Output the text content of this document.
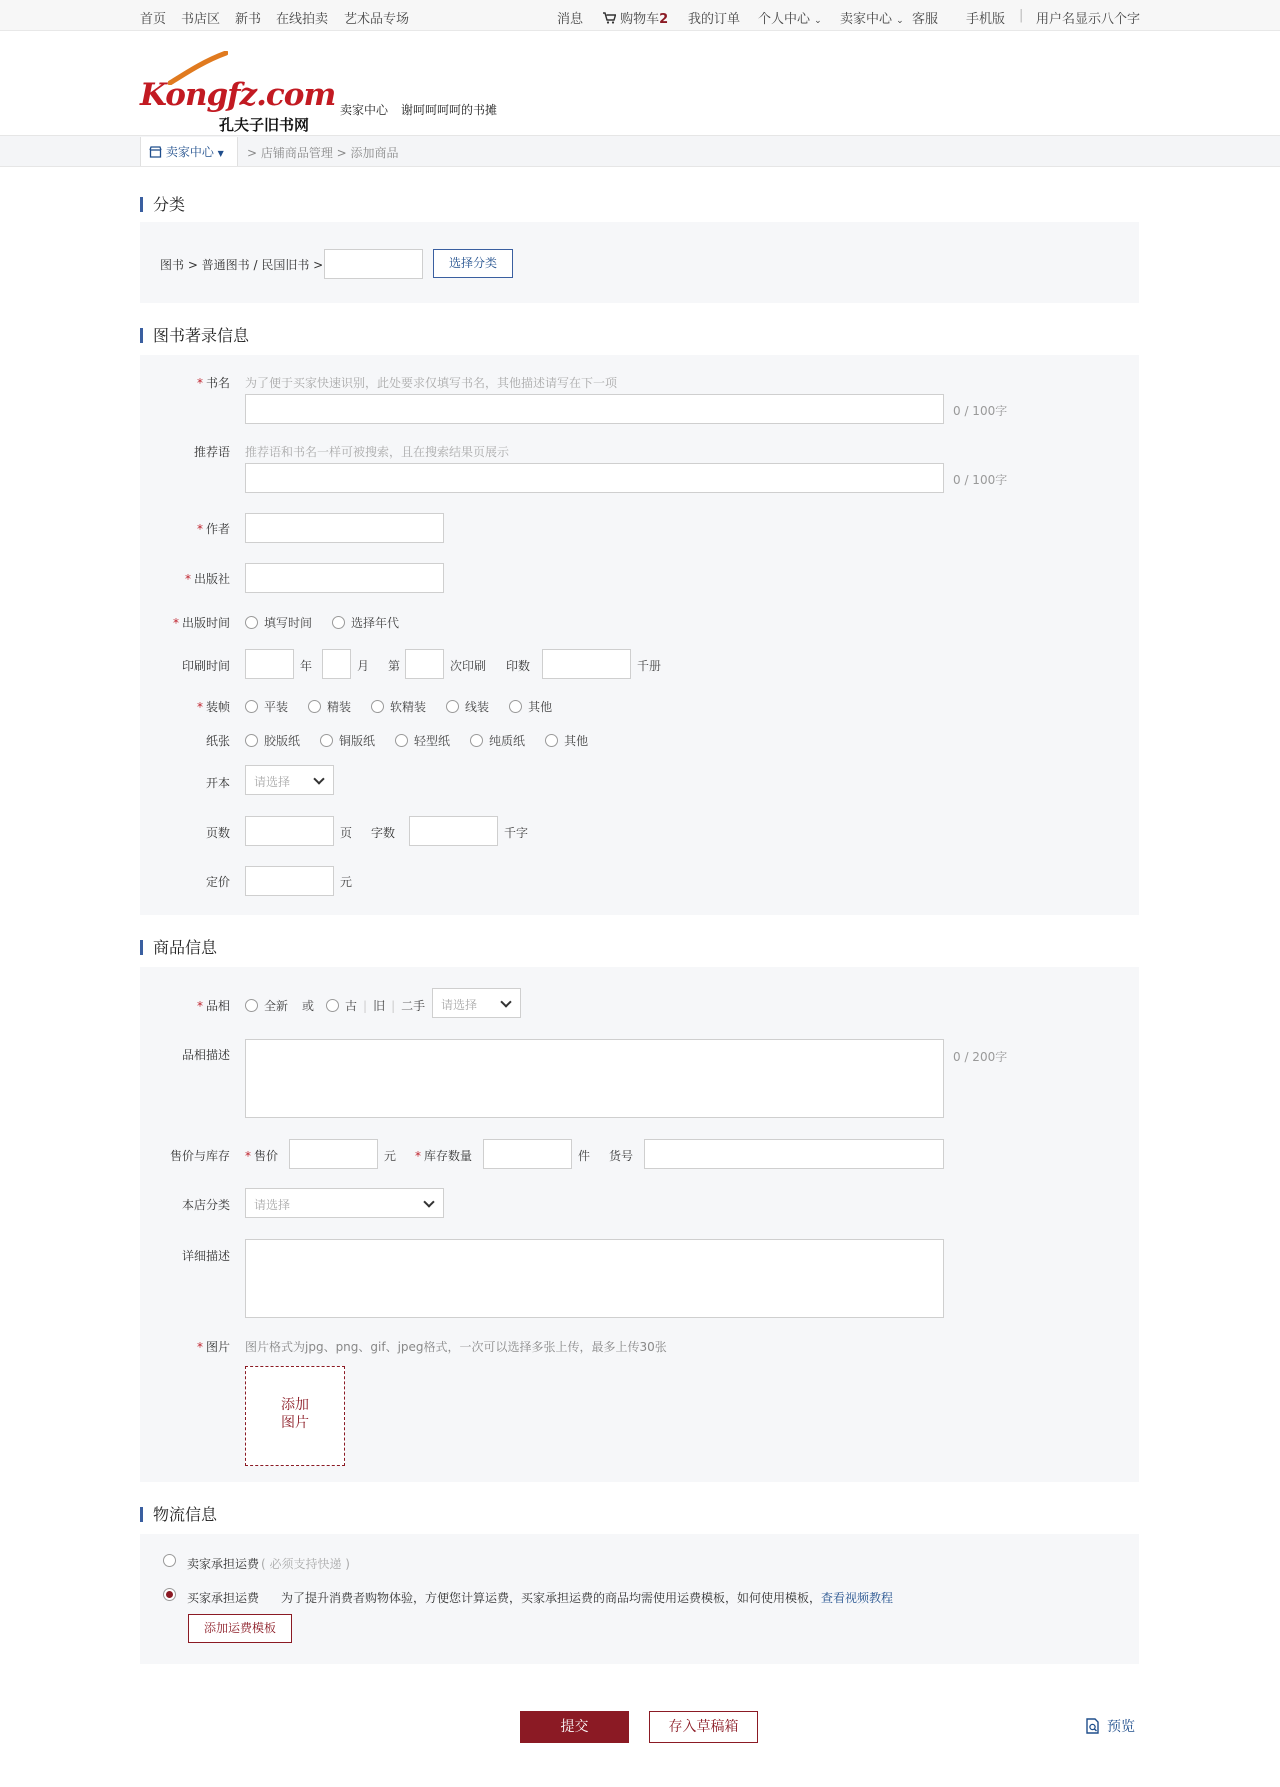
首页 书店区 新书 在线拍卖 艺术品专场	消息	购物车2 我的订单 个人中心 ⌄ 卖家中心 ⌄ 客服 手机版 | 用户名显示八个字
Kongfz.com
孔夫子旧书网
卖家中心 谢呵呵呵呵的书摊
卖家中心 ▼	> 店铺商品管理 > 添加商品
分类
图书 > 普通图书 / 民国旧书 >	选择分类
图书著录信息
* 书名 为了便于买家快速识别，此处要求仅填写书名，其他描述请写在下一项
0 / 100字
推荐语 推荐语和书名一样可被搜索，且在搜索结果页展示
0 / 100字
* 作者
* 出版社
* 出版时间	填写时间	选择年代
印刷时间	年	月 第	次印刷 印数	千册
* 装帧	平装	精装	软精装	线装	其他
纸张	胶版纸	铜版纸	轻型纸	纯质纸	其他
开本	请选择
页数	页 字数	千字
定价	元
商品信息
* 品相	全新 或	古 | 旧 | 二手	请选择
品相描述	0 / 200字
售价与库存 * 售价	元 * 库存数量	件 货号
本店分类	请选择
详细描述
* 图片 图片格式为jpg、png、gif、jpeg格式，一次可以选择多张上传，最多上传30张
添加
图片
物流信息
卖家承担运费 ( 必须支持快递 )
买家承担运费 为了提升消费者购物体验，方便您计算运费，买家承担运费的商品均需使用运费模板，如何使用模板，查看视频教程
添加运费模板
提交	存入草稿箱	预览
